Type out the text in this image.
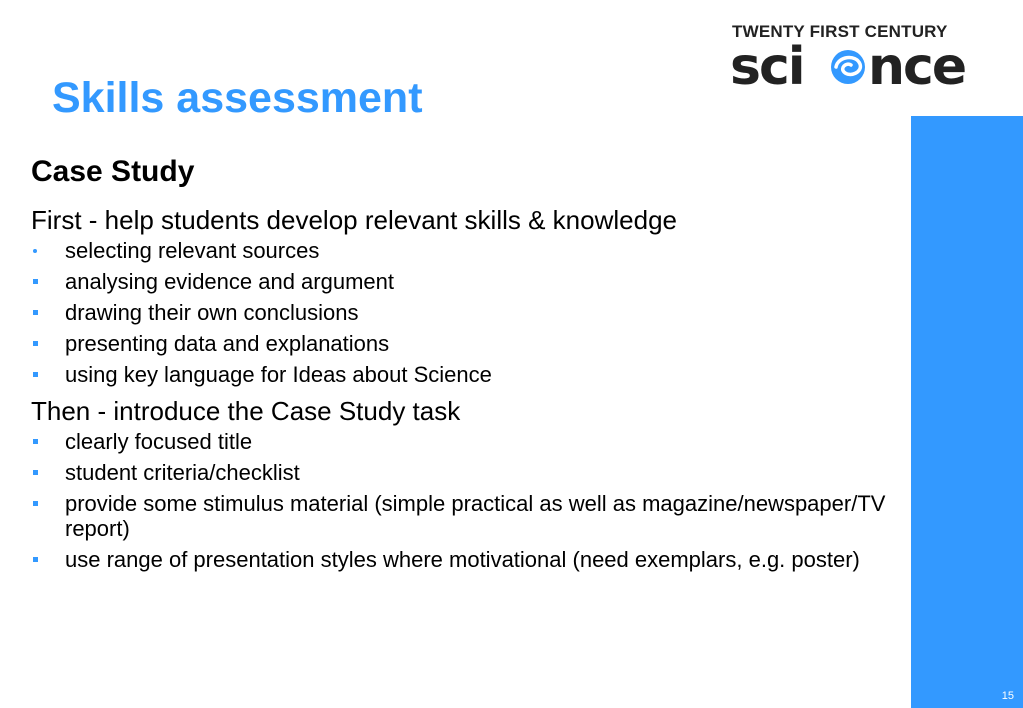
Skills assessment
TWENTY FIRST CENTURY
sci nce
15
Case Study
First - help students develop relevant skills & knowledge
selecting relevant sources
analysing evidence and argument
drawing their own conclusions
presenting data and explanations
using key language for Ideas about Science
Then - introduce the Case Study task
clearly focused title
student criteria/checklist
provide some stimulus material (simple practical as well as magazine/newspaper/TV report)
use range of presentation styles where motivational (need exemplars, e.g. poster)
